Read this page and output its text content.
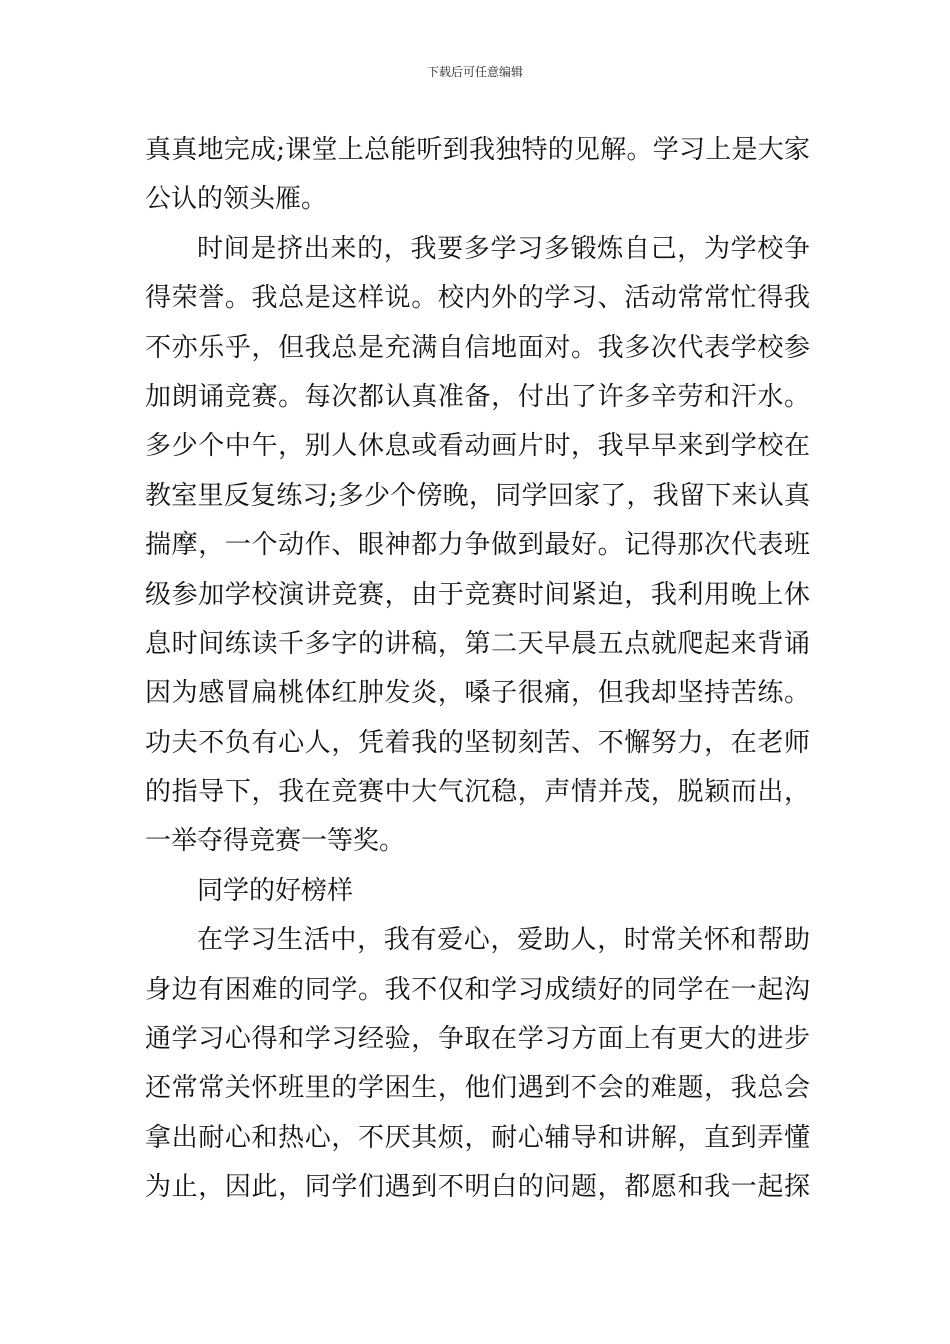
下载后可任意编辑
真真地完成;课堂上总能听到我独特的见解。学习上是大家
公认的领头雁。
时间是挤出来的，我要多学习多锻炼自己，为学校争
得荣誉。我总是这样说。校内外的学习、活动常常忙得我
不亦乐乎，但我总是充满自信地面对。我多次代表学校参
加朗诵竞赛。每次都认真准备，付出了许多辛劳和汗水。
多少个中午，别人休息或看动画片时，我早早来到学校在
教室里反复练习;多少个傍晚，同学回家了，我留下来认真
揣摩，一个动作、眼神都力争做到最好。记得那次代表班
级参加学校演讲竞赛，由于竞赛时间紧迫，我利用晚上休
息时间练读千多字的讲稿，第二天早晨五点就爬起来背诵
因为感冒扁桃体红肿发炎，嗓子很痛，但我却坚持苦练。
功夫不负有心人，凭着我的坚韧刻苦、不懈努力，在老师
的指导下，我在竞赛中大气沉稳，声情并茂，脱颖而出，
一举夺得竞赛一等奖。
同学的好榜样
在学习生活中，我有爱心，爱助人，时常关怀和帮助
身边有困难的同学。我不仅和学习成绩好的同学在一起沟
通学习心得和学习经验，争取在学习方面上有更大的进步
还常常关怀班里的学困生，他们遇到不会的难题，我总会
拿出耐心和热心，不厌其烦，耐心辅导和讲解，直到弄懂
为止，因此，同学们遇到不明白的问题，都愿和我一起探
